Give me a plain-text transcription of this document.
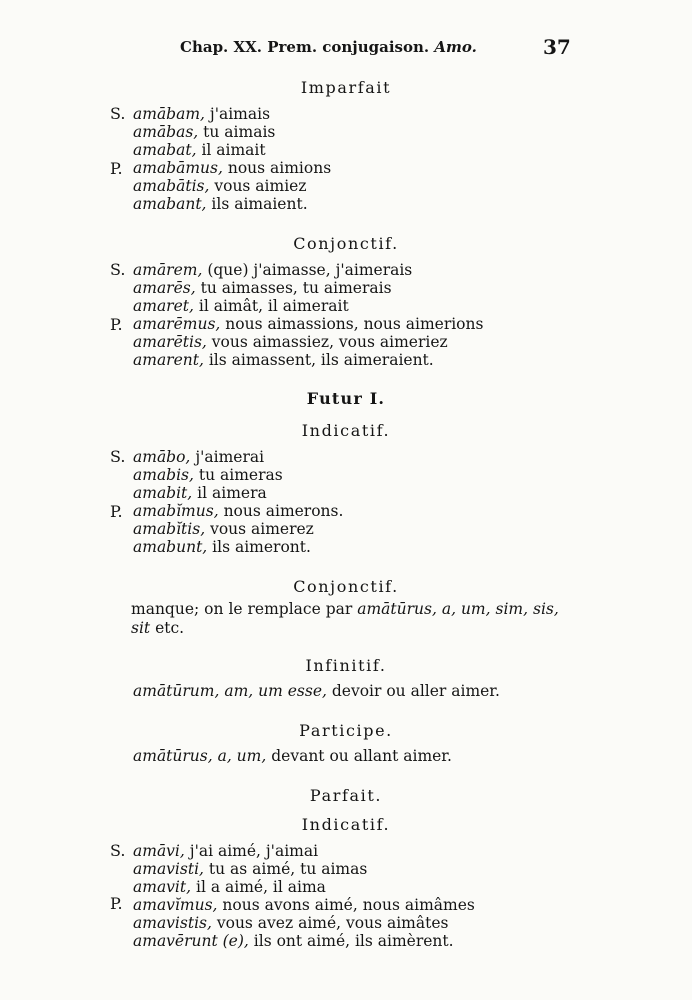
Chap. XX. Prem. conjugaison. Amo.	37
Imparfait
S.
P.
amābam, j'aimais
amābas, tu aimais
amabat, il aimait
amabāmus, nous aimions
amabātis, vous aimiez
amabant, ils aimaient.
Conjonctif.
S.
P.
amārem, (que) j'aimasse, j'aimerais
amarēs, tu aimasses, tu aimerais
amaret, il aimât, il aimerait
amarēmus, nous aimassions, nous aimerions
amarētis, vous aimassiez, vous aimeriez
amarent, ils aimassent, ils aimeraient.
Futur I.
Indicatif.
S.
P.
amābo, j'aimerai
amabis, tu aimeras
amabit, il aimera
amabĭmus, nous aimerons.
amabĭtis, vous aimerez
amabunt, ils aimeront.
Conjonctif.
manque; on le remplace par amātūrus, a, um, sim, sis,
sit etc.
Infinitif.
amātūrum, am, um esse, devoir ou aller aimer.
Participe.
amātūrus, a, um, devant ou allant aimer.
Parfait.
Indicatif.
S.
P.
amāvi, j'ai aimé, j'aimai
amavisti, tu as aimé, tu aimas
amavit, il a aimé, il aima
amavĭmus, nous avons aimé, nous aimâmes
amavistis, vous avez aimé, vous aimâtes
amavērunt (e), ils ont aimé, ils aimèrent.
